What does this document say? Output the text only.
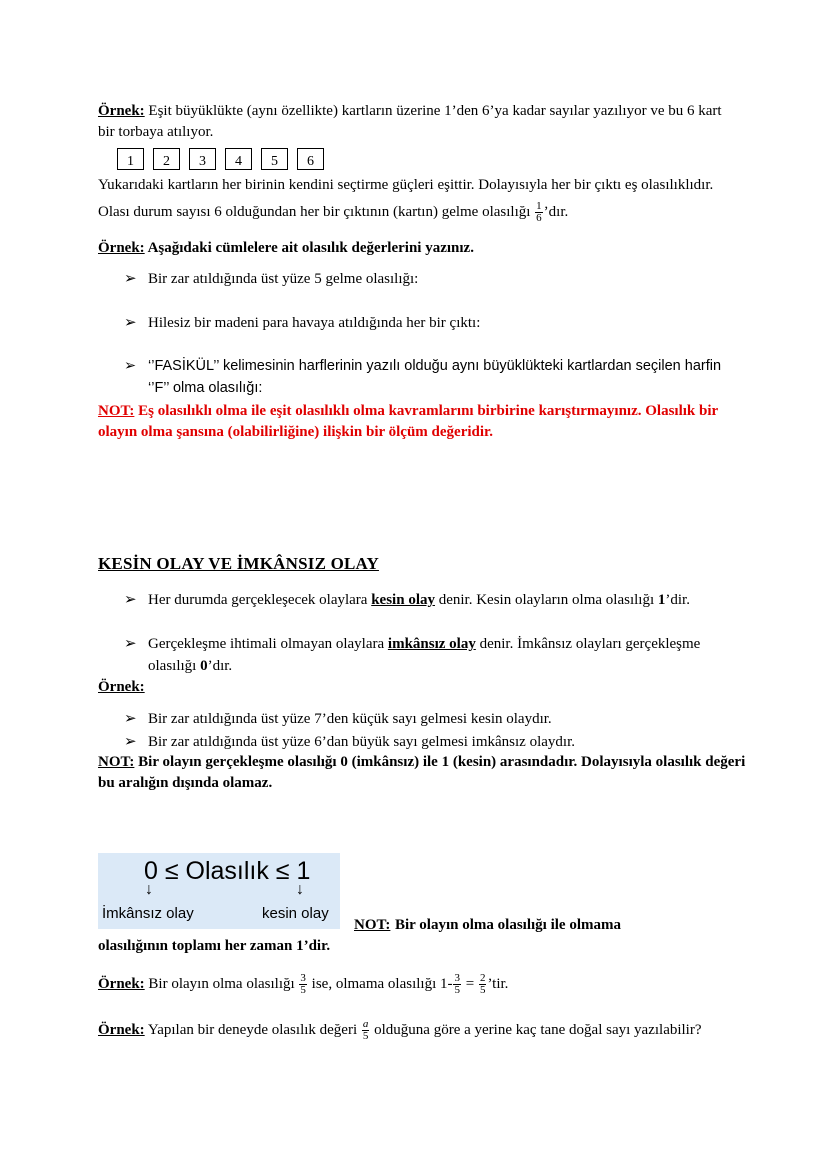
Örnek: Eşit büyüklükte (aynı özellikte) kartların üzerine 1’den 6’ya kadar sayılar yazılıyor ve bu 6 kart bir torbaya atılıyor.
1	2	3	4	5	6
Yukarıdaki kartların her birinin kendini seçtirme güçleri eşittir. Dolayısıyla her bir çıktı eş olasılıklıdır. Olası durum sayısı 6 olduğundan her bir çıktının (kartın) gelme olasılığı $\frac{1}{6}$ ’dır.
Örnek: Aşağıdaki cümlelere ait olasılık değerlerini yazınız.
➢ Bir zar atıldığında üst yüze 5 gelme olasılığı:
➢ Hilesiz bir madeni para havaya atıldığında her bir çıktı:
➢ ‘’FASİKÜL’’ kelimesinin harflerinin yazılı olduğu aynı büyüklükteki kartlardan seçilen harfin ‘’F’’ olma olasılığı:
NOT: Eş olasılıklı olma ile eşit olasılıklı olma kavramlarını birbirine karıştırmayınız. Olasılık bir olayın olma şansına (olabilirliğine) ilişkin bir ölçüm değeridir.
KESİN OLAY VE İMKÂNSIZ OLAY
➢ Her durumda gerçekleşecek olaylara kesin olay denir. Kesin olayların olma olasılığı 1’dir.
➢ Gerçekleşme ihtimali olmayan olaylara imkânsız olay denir. İmkânsız olayları gerçekleşme olasılığı 0’dır.
Örnek:
➢ Bir zar atıldığında üst yüze 7’den küçük sayı gelmesi kesin olaydır.
➢ Bir zar atıldığında üst yüze 6’dan büyük sayı gelmesi imkânsız olaydır.
NOT: Bir olayın gerçekleşme olasılığı 0 (imkânsız) ile 1 (kesin) arasındadır. Dolayısıyla olasılık değeri bu aralığın dışında olamaz.
0 ≤ Olasılık ≤ 1
↓	↓
İmkânsız olay	kesin olay
NOT: Bir olayın olma olasılığı ile olmama olasılığının toplamı her zaman 1’dir.
Örnek: Bir olayın olma olasılığı $\frac{3}{5}$ ise, olmama olasılığı $1- \frac{3}{5} = \frac{2}{5}$ ’tir.
Örnek: Yapılan bir deneyde olasılık değeri $\frac{a}{5}$ olduğuna göre a yerine kaç tane doğal sayı yazılabilir?
